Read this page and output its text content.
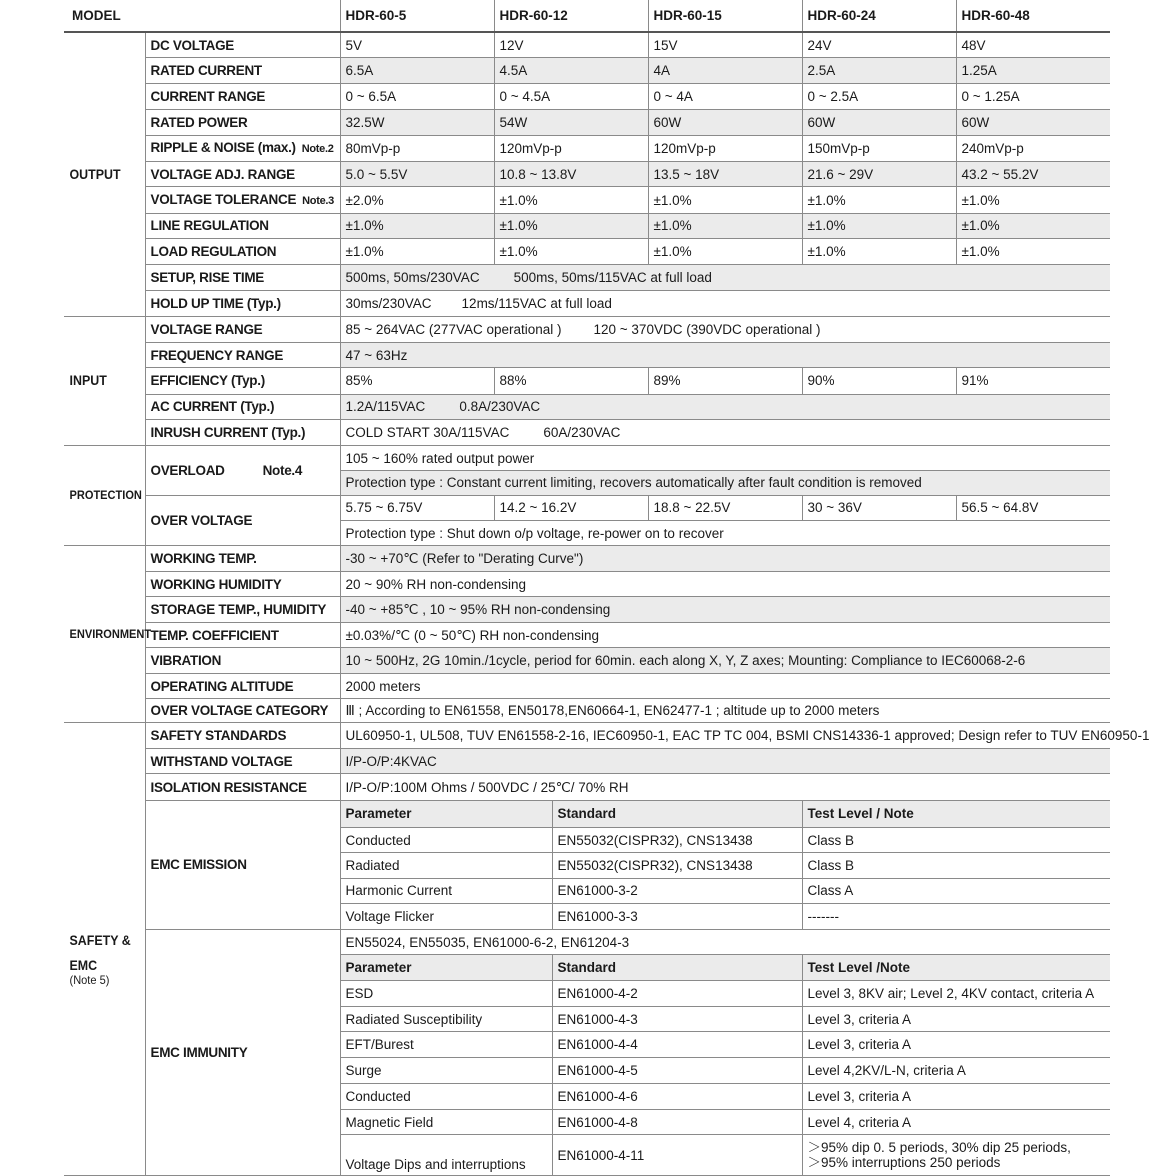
MODEL		HDR-60-5	HDR-60-12		HDR-60-15	HDR-60-24	HDR-60-48
OUTPUT	DC VOLTAGE	5V	12V		15V	24V	48V
	RATED CURRENT	6.5A	4.5A		4A	2.5A	1.25A
	CURRENT RANGE	0 ~ 6.5A	0 ~ 4.5A		0 ~ 4A	0 ~ 2.5A	0 ~ 1.25A
	RATED POWER	32.5W	54W		60W	60W	60W
	RIPPLE & NOISE (max.) Note.2	80mVp-p	120mVp-p		120mVp-p	150mVp-p	240mVp-p
	VOLTAGE ADJ. RANGE	5.0 ~ 5.5V	10.8 ~ 13.8V		13.5 ~ 18V	21.6 ~ 29V	43.2 ~ 55.2V
	VOLTAGE TOLERANCE Note.3	±2.0%	±1.0%		±1.0%	±1.0%	±1.0%
	LINE REGULATION	±1.0%	±1.0%		±1.0%	±1.0%	±1.0%
	LOAD REGULATION	±1.0%	±1.0%		±1.0%	±1.0%	±1.0%
	SETUP, RISE TIME	500ms, 50ms/230VAC 500ms, 50ms/115VAC at full load					
	HOLD UP TIME (Typ.)	30ms/230VAC 12ms/115VAC at full load					
INPUT	VOLTAGE RANGE	85 ~ 264VAC (277VAC operational ) 120 ~ 370VDC (390VDC operational )					
	FREQUENCY RANGE	47 ~ 63Hz					
	EFFICIENCY (Typ.)	85%	88%		89%	90%	91%
	AC CURRENT (Typ.)	1.2A/115VAC 0.8A/230VAC					
	INRUSH CURRENT (Typ.)	COLD START 30A/115VAC 60A/230VAC					
PROTECTION	OVERLOAD Note.4	105 ~ 160% rated output power					
		Protection type : Constant current limiting, recovers automatically after fault condition is removed					
	OVER VOLTAGE	5.75 ~ 6.75V	14.2 ~ 16.2V		18.8 ~ 22.5V	30 ~ 36V	56.5 ~ 64.8V
		Protection type : Shut down o/p voltage, re-power on to recover					
ENVIRONMENT	WORKING TEMP.	-30 ~ +70℃ (Refer to "Derating Curve")					
	WORKING HUMIDITY	20 ~ 90% RH non-condensing					
	STORAGE TEMP., HUMIDITY	-40 ~ +85℃ , 10 ~ 95% RH non-condensing					
	TEMP. COEFFICIENT	±0.03%/℃ (0 ~ 50℃) RH non-condensing					
	VIBRATION	10 ~ 500Hz, 2G 10min./1cycle, period for 60min. each along X, Y, Z axes; Mounting: Compliance to IEC60068-2-6					
	OPERATING ALTITUDE	2000 meters					
	OVER VOLTAGE CATEGORY	Ⅲ ; According to EN61558, EN50178,EN60664-1, EN62477-1 ; altitude up to 2000 meters					

SAFETY &
EMC
(Note 5)	SAFETY STANDARDS	UL60950-1, UL508, TUV EN61558-2-16, IEC60950-1, EAC TP TC 004, BSMI CNS14336-1 approved; Design refer to TUV EN60950-1					
	WITHSTAND VOLTAGE	I/P-O/P:4KVAC					
	ISOLATION RESISTANCE	I/P-O/P:100M Ohms / 500VDC / 25℃/ 70% RH					
	EMC EMISSION	Parameter		Standard		Test Level / Note	
		Conducted		EN55032(CISPR32), CNS13438		Class B	
		Radiated		EN55032(CISPR32), CNS13438		Class B	
		Harmonic Current		EN61000-3-2		Class A	
		Voltage Flicker		EN61000-3-3		-------	
	EMC IMMUNITY	EN55024, EN55035, EN61000-6-2, EN61204-3					
		Parameter		Standard		Test Level /Note	
		ESD		EN61000-4-2		Level 3, 8KV air; Level 2, 4KV contact, criteria A	
		Radiated Susceptibility		EN61000-4-3		Level 3, criteria A	
		EFT/Burest		EN61000-4-4		Level 3, criteria A	
		Surge		EN61000-4-5		Level 4,2KV/L-N, criteria A	
		Conducted		EN61000-4-6		Level 3, criteria A	
		Magnetic Field		EN61000-4-8		Level 4, criteria A	
		Voltage Dips and interruptions		EN61000-4-11		＞95% dip 0. 5 periods, 30% dip 25 periods,
＞95% interruptions 250 periods	
